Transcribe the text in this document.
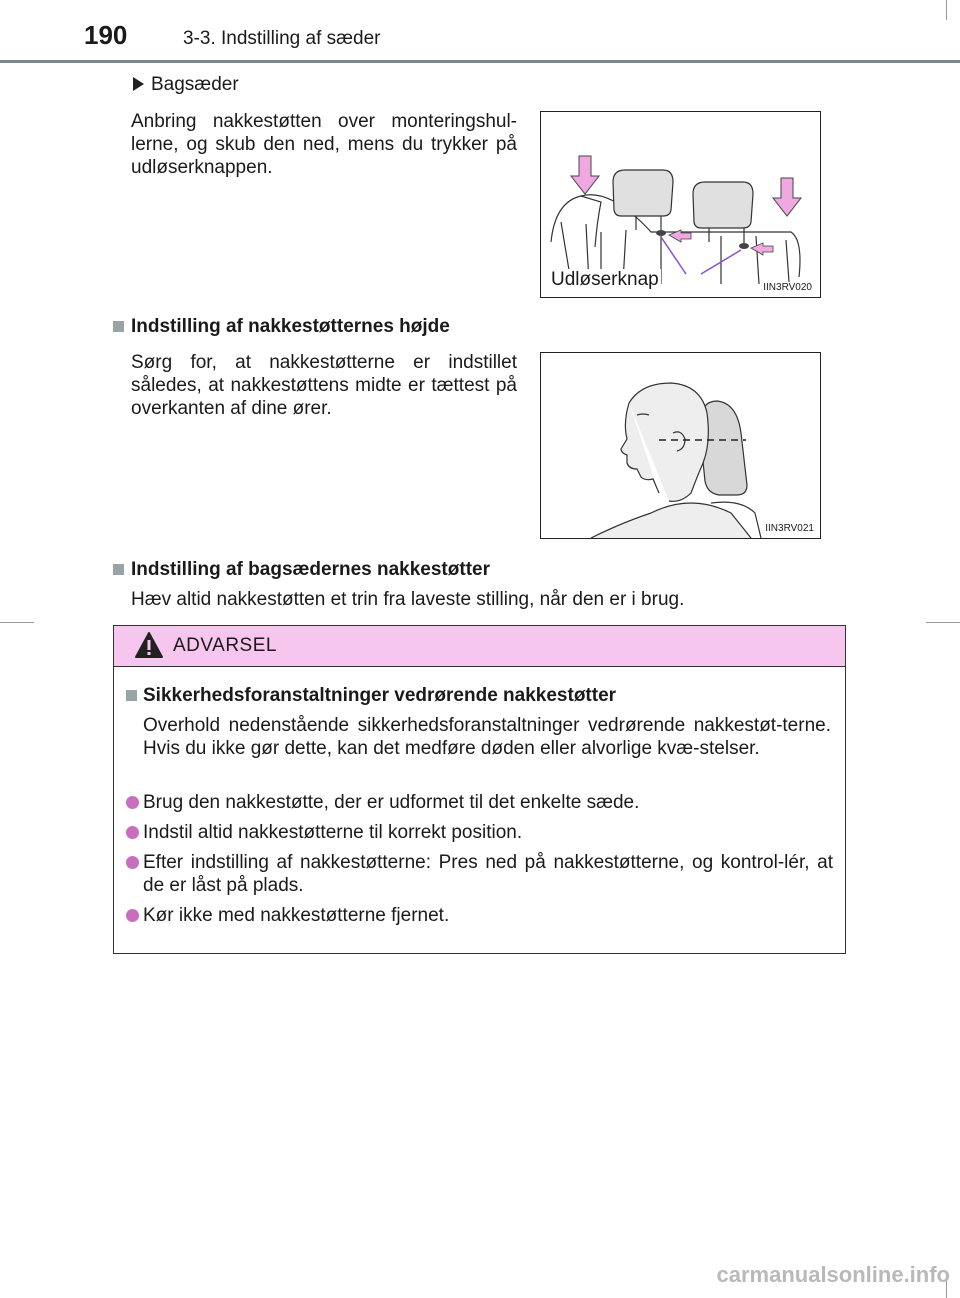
190	3-3. Indstilling af sæder
Bagsæder
Anbring nakkestøtten over monteringshul-lerne, og skub den ned, mens du trykker på udløserknappen.
Udløserknap	IIN3RV020
Indstilling af nakkestøtternes højde
Sørg for, at nakkestøtterne er indstillet således, at nakkestøttens midte er tættest på overkanten af dine ører.
IIN3RV021
Indstilling af bagsædernes nakkestøtter
Hæv altid nakkestøtten et trin fra laveste stilling, når den er i brug.
ADVARSEL
Sikkerhedsforanstaltninger vedrørende nakkestøtter
Overhold nedenstående sikkerhedsforanstaltninger vedrørende nakkestøt-terne. Hvis du ikke gør dette, kan det medføre døden eller alvorlige kvæ-stelser.
Brug den nakkestøtte, der er udformet til det enkelte sæde.
Indstil altid nakkestøtterne til korrekt position.
Efter indstilling af nakkestøtterne: Pres ned på nakkestøtterne, og kontrol-lér, at de er låst på plads.
Kør ikke med nakkestøtterne fjernet.
carmanualsonline.info
